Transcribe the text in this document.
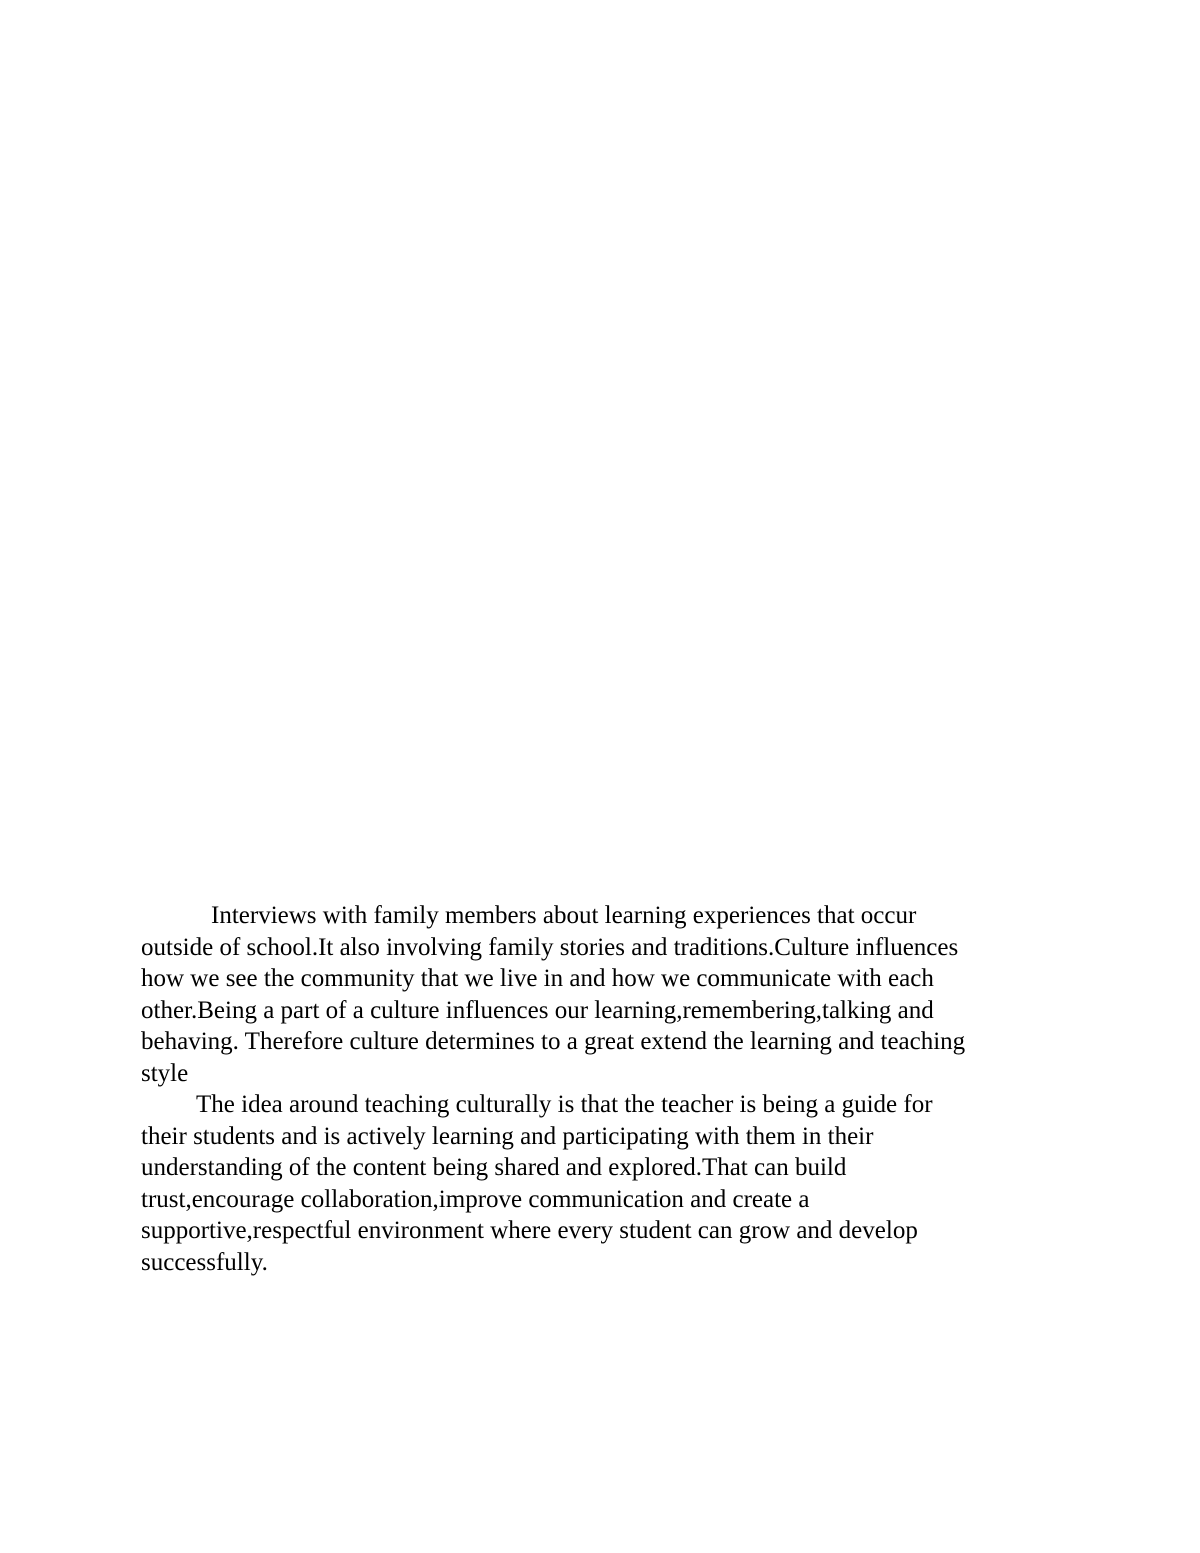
Interviews with family members about learning experiences that occur
outside of school.It also involving family stories and traditions.Culture influences
how we see the community that we live in and how we communicate with each
other.Being a part of a culture influences our learning,remembering,talking and
behaving. Therefore culture determines to a great extend the learning and teaching
style

The idea around teaching culturally is that the teacher is being a guide for
their students and is actively learning and participating with them in their
understanding of the content being shared and explored.That can build
trust,encourage collaboration,improve communication and create a
supportive,respectful environment where every student can grow and develop
successfully.
